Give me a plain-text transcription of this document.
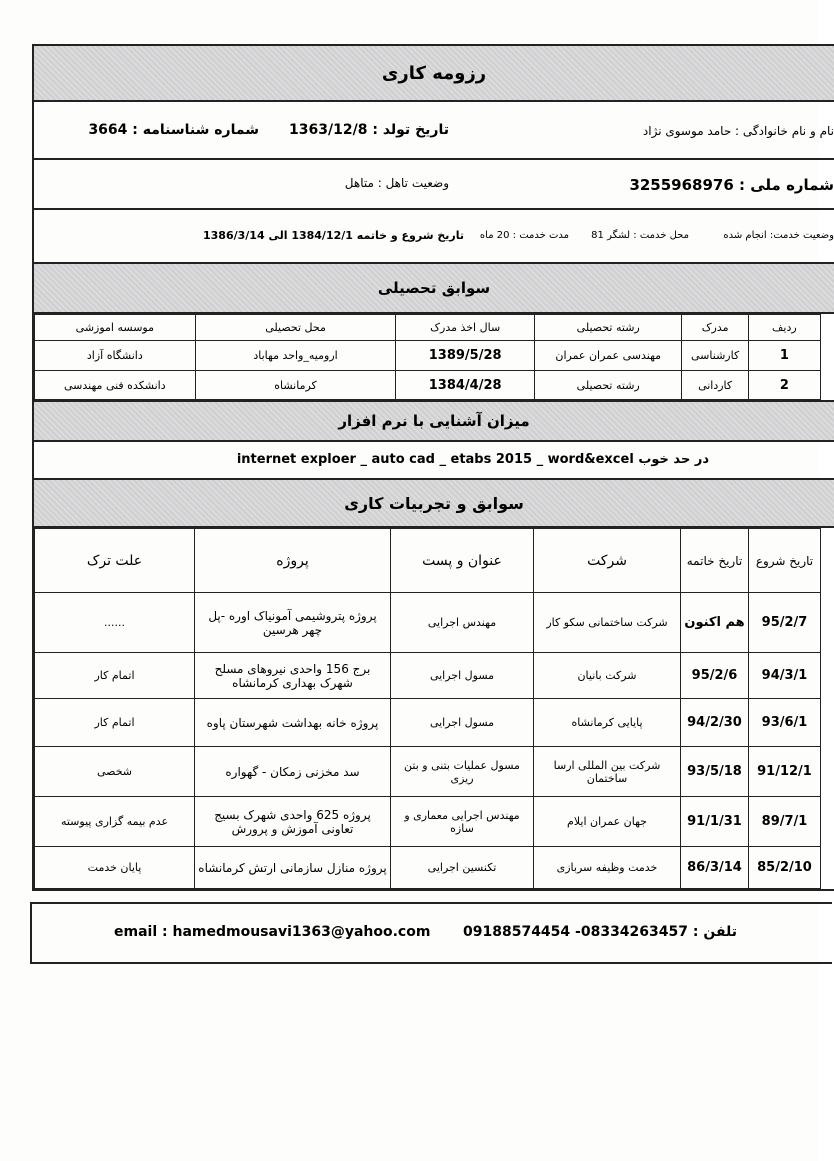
رزومه کاری
نام و نام خانوادگی : حامد موسوی نژاد
تاریخ تولد : 1363/12/8
شماره شناسنامه : 3664
شماره ملی : 3255968976
وضعیت تاهل : متاهل
وضعیت خدمت: انجام شده
محل خدمت : لشگر 81
مدت خدمت : 20 ماه
تاریخ شروع و خاتمه 1384/12/1 الی 1386/3/14
سوابق تحصیلی
ردیف	مدرک	رشته تحصیلی	سال اخذ مدرک	محل تحصیلی	موسسه اموزشی
1	کارشناسی	مهندسی عمران عمران	1389/5/28	ارومیه_واحد مهاباد	دانشگاه آزاد
2	کاردانی	رشته تحصیلی	1384/4/28	کرمانشاه	دانشکده فنی مهندسی
میزان آشنایی با نرم افزار
در حد خوب internet exploer _ auto cad _ etabs 2015 _ word&excel
سوابق و تجربیات کاری
تاریخ شروع	تاریخ خاتمه	شرکت	عنوان و پست	پروژه	علت ترک
95/2/7	هم اکنون	شرکت ساختمانی سکو کار	مهندس اجرایی	پروژه پتروشیمی آمونیاک اوره -پل چهر هرسین	......
94/3/1	95/2/6	شرکت بانیان	مسول اجرایی	برج 156 واحدی نیروهای مسلح شهرک بهداری کرمانشاه	اتمام کار
93/6/1	94/2/30	پایایی کرمانشاه	مسول اجرایی	پروژه خانه بهداشت شهرستان پاوه	اتمام کار
91/12/1	93/5/18	شرکت بین المللی ارسا ساختمان	مسول عملیات بتنی و بتن ریزی	سد مخزنی زمکان - گهواره	شخصی
89/7/1	91/1/31	جهان عمران ایلام	مهندس اجرایی معماری و سازه	پروژه 625 واحدی شهرک بسیج تعاونی آموزش و پرورش	عدم بیمه گزاری پیوسته
85/2/10	86/3/14	خدمت وظیفه سربازی	تکنسین اجرایی	پروژه منازل سازمانی ارتش کرمانشاه	پایان خدمت
تلفن : 08334263457- 09188574454
email : hamedmousavi1363@yahoo.com
